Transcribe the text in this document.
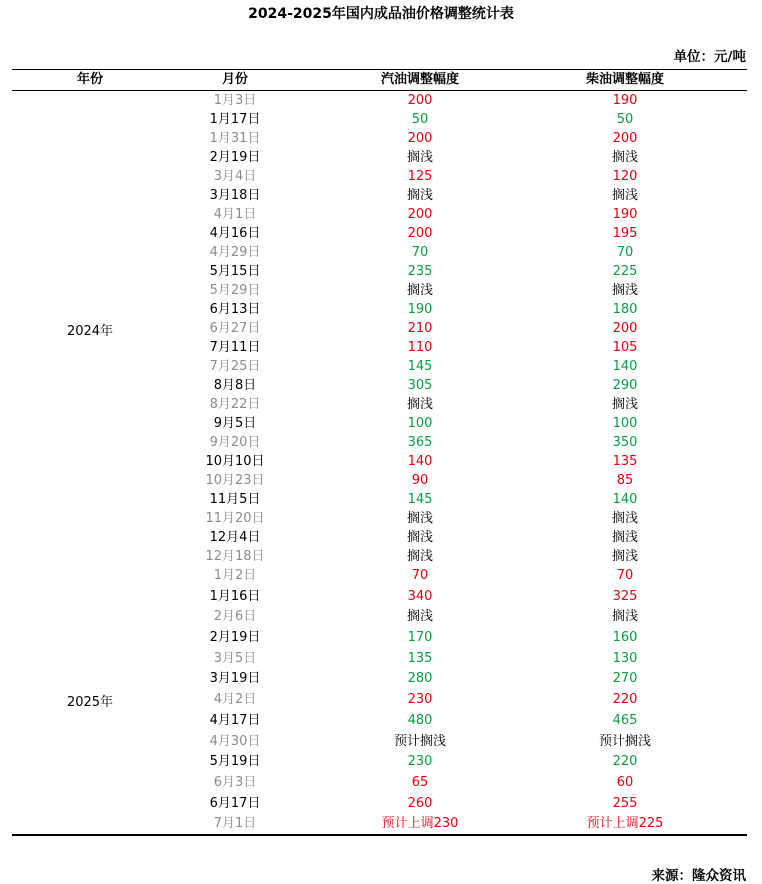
2024-2025年国内成品油价格调整统计表
单位：元/吨
年份	月份	汽油调整幅度	柴油调整幅度
2024年
1月3日	200	190
1月17日	50	50
1月31日	200	200
2月19日	搁浅	搁浅
3月4日	125	120
3月18日	搁浅	搁浅
4月1日	200	190
4月16日	200	195
4月29日	70	70
5月15日	235	225
5月29日	搁浅	搁浅
6月13日	190	180
6月27日	210	200
7月11日	110	105
7月25日	145	140
8月8日	305	290
8月22日	搁浅	搁浅
9月5日	100	100
9月20日	365	350
10月10日	140	135
10月23日	90	85
11月5日	145	140
11月20日	搁浅	搁浅
12月4日	搁浅	搁浅
12月18日	搁浅	搁浅
2025年
1月2日	70	70
1月16日	340	325
2月6日	搁浅	搁浅
2月19日	170	160
3月5日	135	130
3月19日	280	270
4月2日	230	220
4月17日	480	465
4月30日	预计搁浅	预计搁浅
5月19日	230	220
6月3日	65	60
6月17日	260	255
7月1日	预计上调230	预计上调225
来源：隆众资讯
